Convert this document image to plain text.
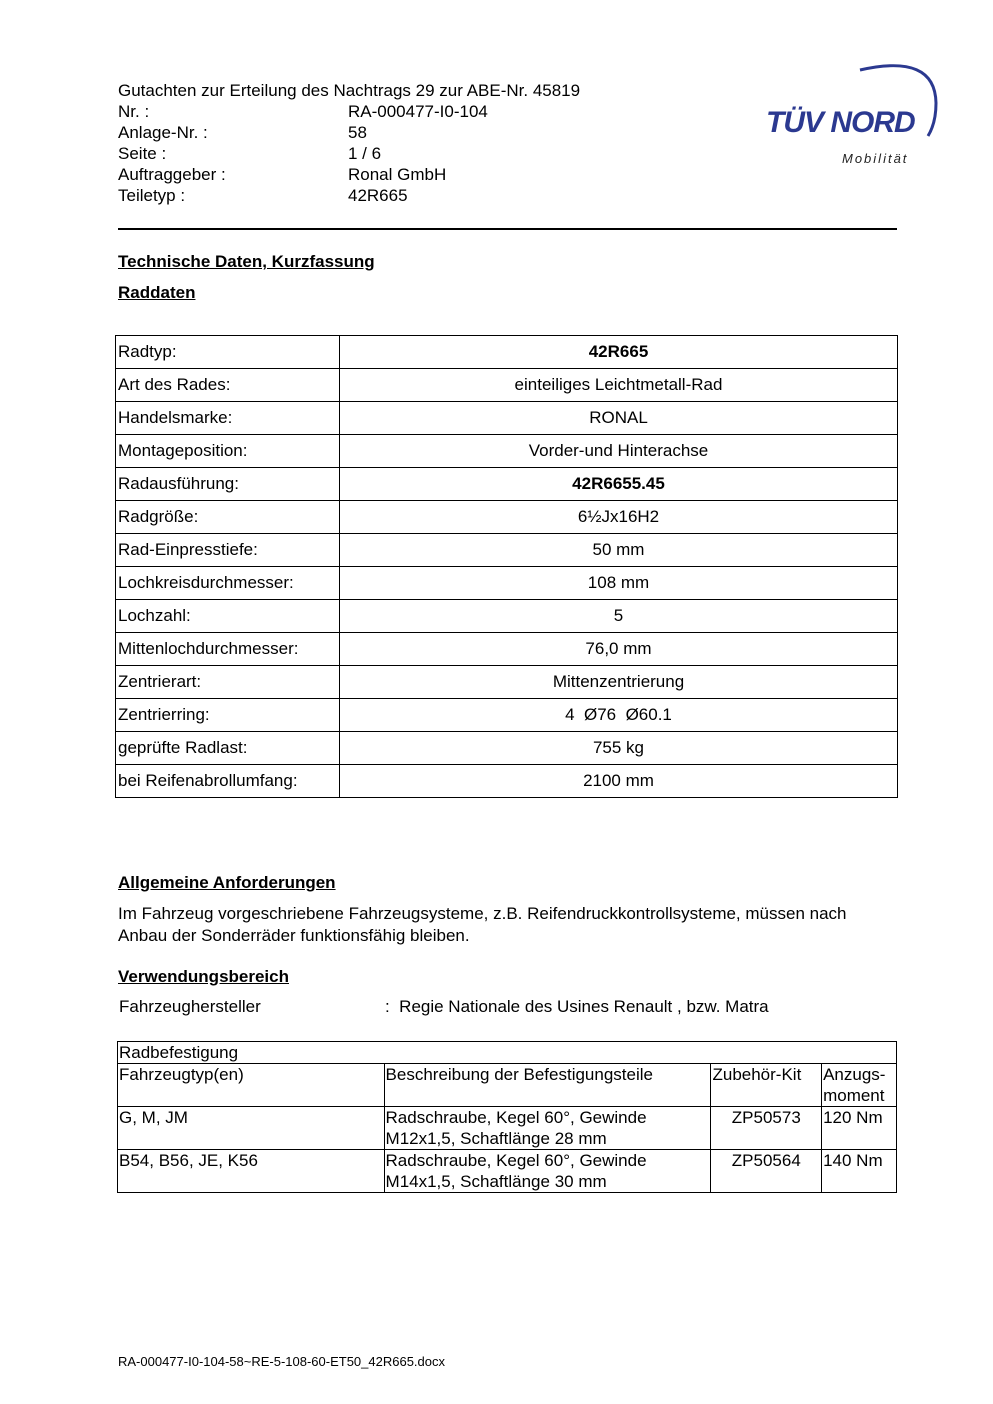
Gutachten zur Erteilung des Nachtrags 29 zur ABE-Nr. 45819
Nr. :	RA-000477-I0-104
Anlage-Nr. :	58
Seite :	1 / 6
Auftraggeber :	Ronal GmbH
Teiletyp :	42R665
TÜV NORD
Mobilität
Technische Daten, Kurzfassung
Raddaten
Radtyp:	42R665
Art des Rades:	einteiliges Leichtmetall-Rad
Handelsmarke:	RONAL
Montageposition:	Vorder-und Hinterachse
Radausführung:	42R6655.45
Radgröße:	6½Jx16H2
Rad-Einpresstiefe:	50 mm
Lochkreisdurchmesser:	108 mm
Lochzahl:	5
Mittenlochdurchmesser:	76,0 mm
Zentrierart:	Mittenzentrierung
Zentrierring:	4  Ø76  Ø60.1
geprüfte Radlast:	755 kg
bei Reifenabrollumfang:	2100 mm
Allgemeine Anforderungen
Im Fahrzeug vorgeschriebene Fahrzeugsysteme, z.B. Reifendruckkontrollsysteme, müssen nach Anbau der Sonderräder funktionsfähig bleiben.
Verwendungsbereich
Fahrzeughersteller	:  Regie Nationale des Usines Renault , bzw. Matra
Radbefestigung			
Fahrzeugtyp(en)	Beschreibung der Befestigungsteile	Zubehör-Kit	Anzugs-moment
G, M, JM	Radschraube, Kegel 60°, Gewinde M12x1,5, Schaftlänge 28 mm	ZP50573	120 Nm
B54, B56, JE, K56	Radschraube, Kegel 60°, Gewinde M14x1,5, Schaftlänge 30 mm	ZP50564	140 Nm
RA-000477-I0-104-58~RE-5-108-60-ET50_42R665.docx
